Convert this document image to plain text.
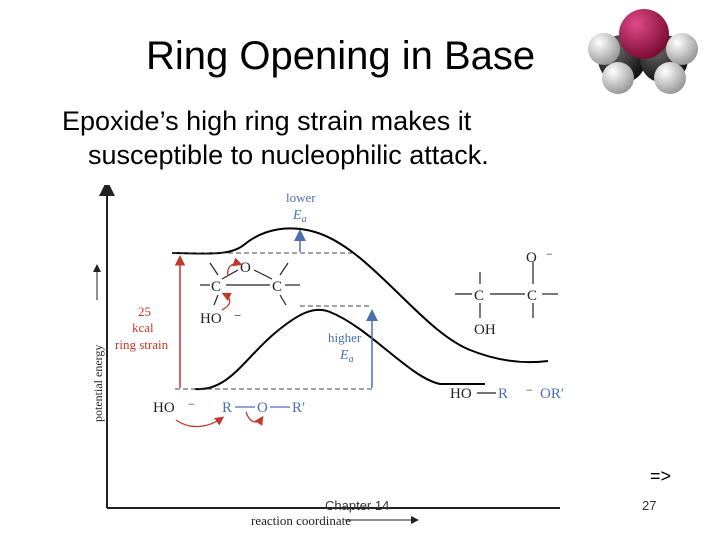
Ring Opening in Base
Epoxide’s high ring strain makes it
susceptible to nucleophilic attack.
potential energy
reaction coordinate
lower
$E_a$
higher
$E_a$
25
kcal
ring strain
O
C	C
HO −
O −
C	C
OH
HO − R O R′
HO R − OR′
=>
Chapter 14	27
